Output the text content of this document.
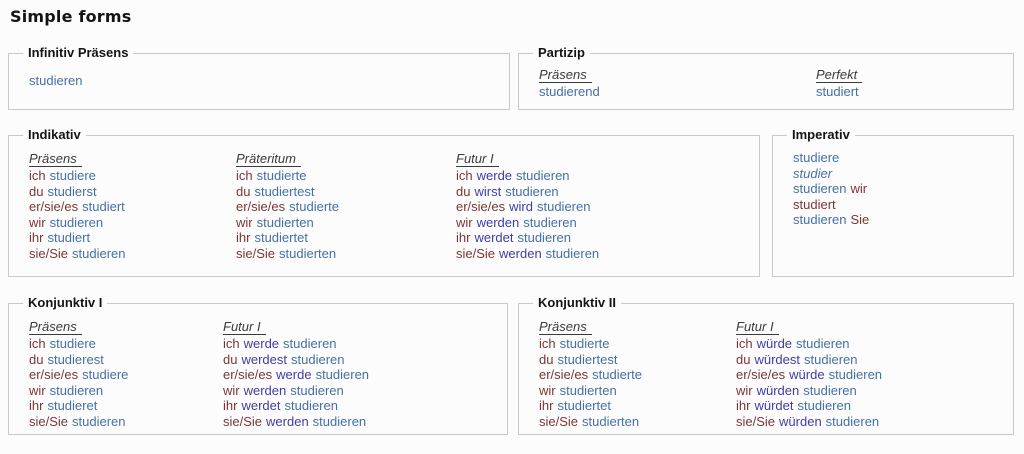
Simple forms
Infinitiv Präsens
studieren
Partizip
Präsens
studierend
Perfekt
studiert
Indikativ
Präsens
ich studiere
du studierst
er/sie/es studiert
wir studieren
ihr studiert
sie/Sie studieren
Präteritum
ich studierte
du studiertest
er/sie/es studierte
wir studierten
ihr studiertet
sie/Sie studierten
Futur I
ich werde studieren
du wirst studieren
er/sie/es wird studieren
wir werden studieren
ihr werdet studieren
sie/Sie werden studieren
Imperativ
studiere
studier
studieren wir
studiert
studieren Sie
Konjunktiv I
Präsens
ich studiere
du studierest
er/sie/es studiere
wir studieren
ihr studieret
sie/Sie studieren
Futur I
ich werde studieren
du werdest studieren
er/sie/es werde studieren
wir werden studieren
ihr werdet studieren
sie/Sie werden studieren
Konjunktiv II
Präsens
ich studierte
du studiertest
er/sie/es studierte
wir studierten
ihr studiertet
sie/Sie studierten
Futur I
ich würde studieren
du würdest studieren
er/sie/es würde studieren
wir würden studieren
ihr würdet studieren
sie/Sie würden studieren
